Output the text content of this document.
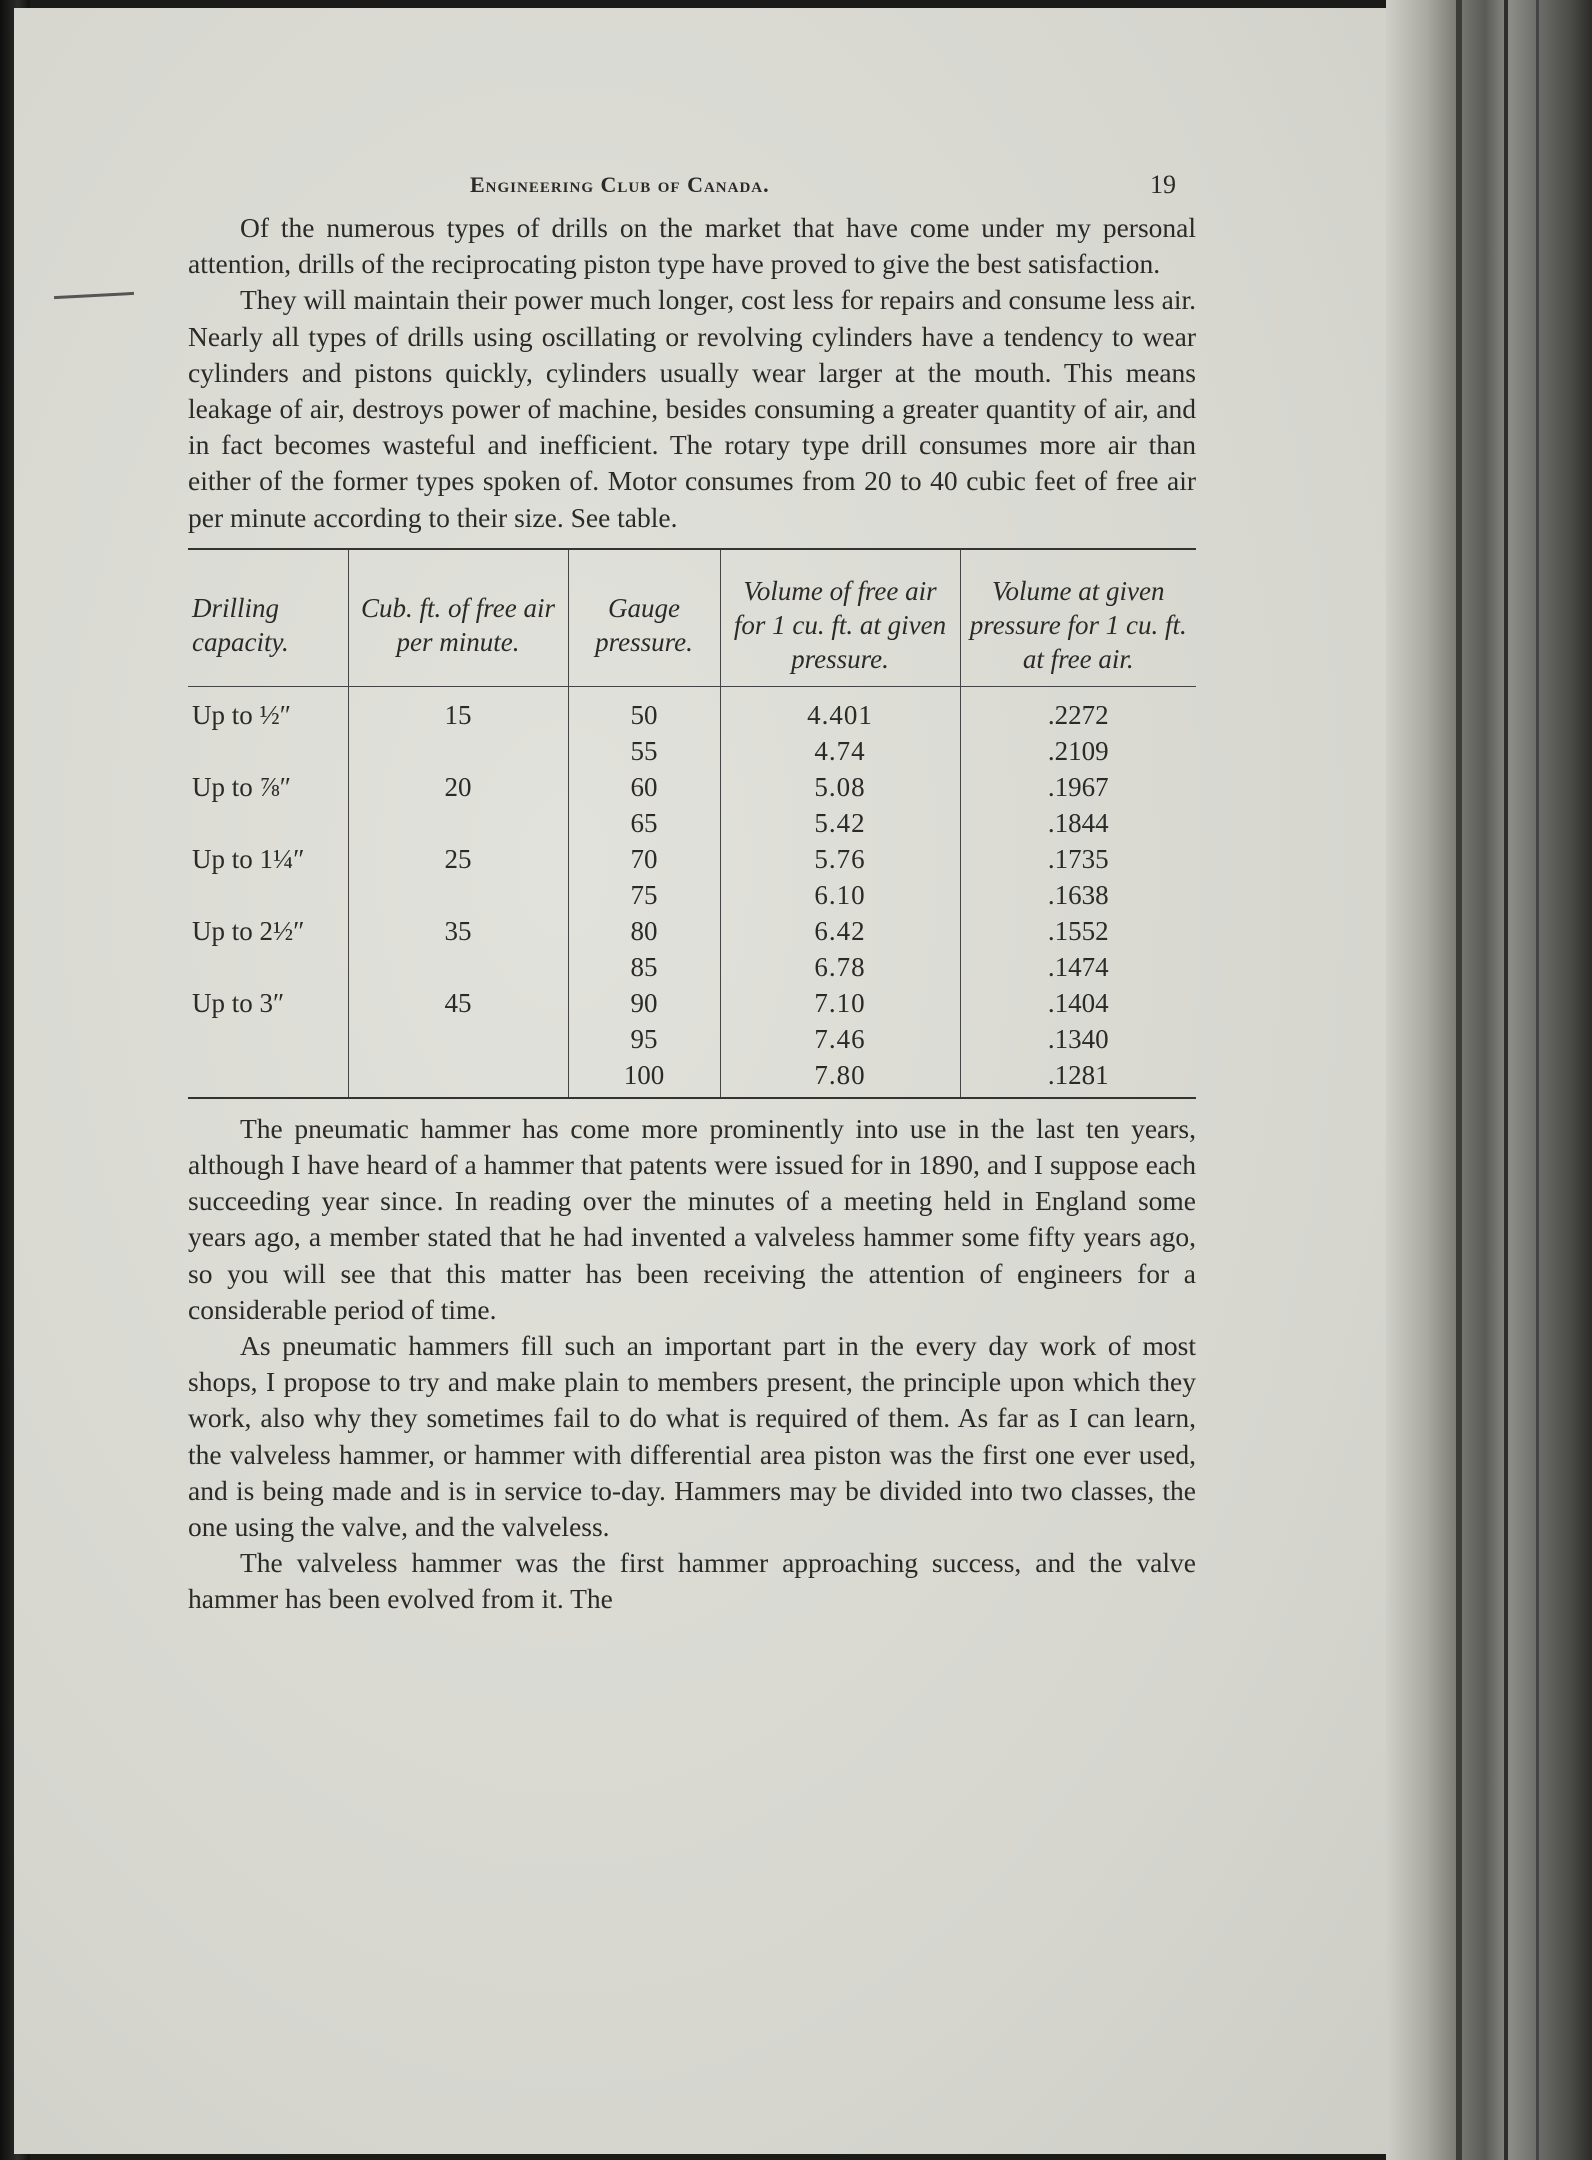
Engineering Club of Canada.	19

Of the numerous types of drills on the market that have come under my personal attention, drills of the reciprocating piston type have proved to give the best satisfaction.

They will maintain their power much longer, cost less for repairs and consume less air. Nearly all types of drills using oscillating or revolving cylinders have a tendency to wear cylinders and pistons quickly, cylinders usually wear larger at the mouth. This means leakage of air, destroys power of machine, besides consuming a greater quantity of air, and in fact becomes wasteful and inefficient. The rotary type drill consumes more air than either of the former types spoken of. Motor consumes from 20 to 40 cubic feet of free air per minute according to their size. See table.

Drilling capacity.	Cub. ft. of free air per minute.	Gauge pressure.	Volume of free air for 1 cu. ft. at given pressure.	Volume at given pressure for 1 cu. ft. at free air.
Up to ½″	15	50	4.401	.2272
		55	4.74	.2109
Up to ⅞″	20	60	5.08	.1967
		65	5.42	.1844
Up to 1¼″	25	70	5.76	.1735
		75	6.10	.1638
Up to 2½″	35	80	6.42	.1552
		85	6.78	.1474
Up to 3″	45	90	7.10	.1404
		95	7.46	.1340
		100	7.80	.1281

The pneumatic hammer has come more prominently into use in the last ten years, although I have heard of a hammer that patents were issued for in 1890, and I suppose each succeeding year since. In reading over the minutes of a meeting held in England some years ago, a member stated that he had invented a valveless hammer some fifty years ago, so you will see that this matter has been receiving the attention of engineers for a considerable period of time.

As pneumatic hammers fill such an important part in the every day work of most shops, I propose to try and make plain to members present, the principle upon which they work, also why they sometimes fail to do what is required of them. As far as I can learn, the valveless hammer, or hammer with differential area piston was the first one ever used, and is being made and is in service to-day. Hammers may be divided into two classes, the one using the valve, and the valveless.

The valveless hammer was the first hammer approaching success, and the valve hammer has been evolved from it. The
